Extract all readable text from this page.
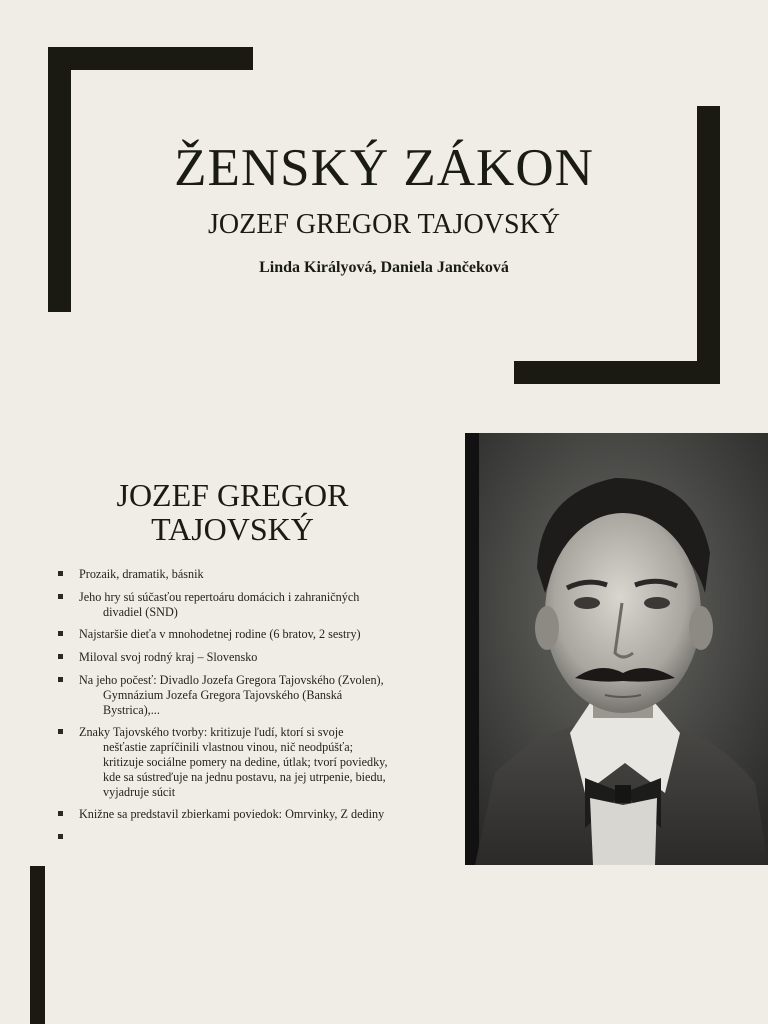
ŽENSKÝ ZÁKON
JOZEF GREGOR TAJOVSKÝ
Linda Királyová, Daniela Jančeková
JOZEF GREGOR
TAJOVSKÝ
Prozaik, dramatik, básnik
Jeho hry sú súčasťou repertoáru domácich i zahraničných
divadiel (SND)
Najstaršie dieťa v mnohodetnej rodine (6 bratov, 2 sestry)
Miloval svoj rodný kraj – Slovensko
Na jeho počesť: Divadlo Jozefa Gregora Tajovského (Zvolen),
Gymnázium Jozefa Gregora Tajovského (Banská
Bystrica),...
Znaky Tajovského tvorby: kritizuje ľudí, ktorí si svoje
nešťastie zapríčinili vlastnou vinou, nič neodpúšťa;
kritizuje sociálne pomery na dedine, útlak; tvorí poviedky,
kde sa sústreďuje na jednu postavu, na jej utrpenie, biedu,
vyjadruje súcit
Knižne sa predstavil zbierkami poviedok: Omrvinky, Z dediny
